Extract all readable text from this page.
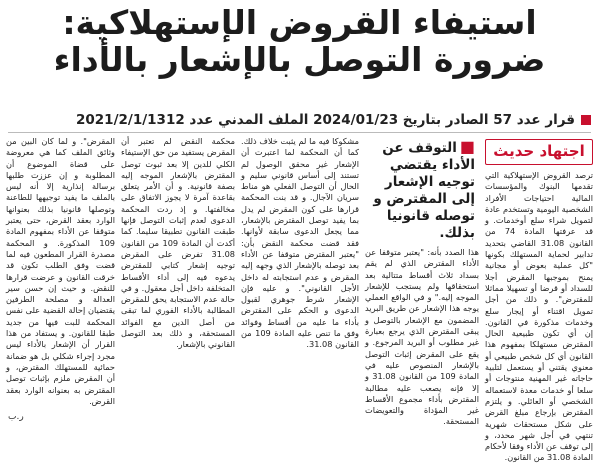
استيفاء القروض الإستهلاكية:
ضرورة التوصل بالإشعار بالأداء
قرار عدد 57 الصادر بتاريخ 2024/01/23 الملف المدني عدد 2021/2/1/1312
اجتهاد حديث

ترصد القروض الإستهلاكية التي تقدمها البنوك والمؤسسات المالية احتياجات الأفراد الشخصية اليومية وتستخدم عادة لتمويل شراء سلع أوخدمات. و قد عرفتها المادة 74 من القانون 31.08 القاضي بتحديد تدابير لحماية المستهلك بكونها "كل عملية بعوض أو مجانية يمنح بموجبها المقرض أجلا للسداد أو قرضا أو تسهيلا مماثلا للمقترض". و ذلك من أجل تمويل اقتناء أو إيجار سلع وخدمات مذكورة في القانون. إن أي تكون طبيعية الحال المقترض مستهلكا بمفهوم هذا القانون أي كل شخص طبيعي أو معنوي يقتني أو يستعمل لتلبية حاجاته غير المهنية منتوجات أو سلعا أو خدمات معدة لاستعماله الشخصي أو العائلي. و يلتزم المقترض بإرجاع مبلغ القرض على شكل مستحقات شهرية تنتهي في أجل شهر محدد، و إلى توقف عن الأداء وفقا لأحكام المادة 31.08 من القانون.

■التوقف عن الأداء يقتضي توجيه الإشعار إلى المقترض و توصله قانونيا بذلك.

هذا الصدد بأنه: "يعتبر متوقفا عن الأداء المقترض الذي لم يقم بسداد ثلاث أقساط متتالية بعد استحقاقها ولم يستجب للإشعار الموجه إليه." و في الواقع العملي يوجه هذا الإشعار عن طريق البريد المضمون مع الإشعار بالتوصل و يبقى المقترض الذي يرجع بعبارة غير مطلوب أو البريد المرجوع. و يقع على المقرض إثبات التوصل بالإشعار المنصوص عليه في المادة 109 من القانون 31.08 و إلا فإنه يصعب عليه مطالبة المقترض بأداء مجموع الأقساط غير المؤداة والتعويضات المستحقة.

مشكوكا فيه ما لم يثبت خلاف ذلك. كما أن المحكمة لما اعتبرت أن الإشعار غير محقق الوصول لم تستند إلى أساس قانوني سليم و الحال أن التوصل الفعلي هو مناط سريان الآجال. و قد بنت المحكمة قرارها على كون المقرض لم يدل بما يفيد توصل المقترض بالإشعار، مما يجعل الدعوى سابقة لأوانها. فقد قضت محكمة النقض بأن: "يعتبر المقترض متوقفا عن الأداء بعد توصله بالإشعار الذي وجهه إليه المقرض و عدم استجابته له داخل الأجل القانوني". و عليه فإن الإشعار شرط جوهري لقبول الدعوى و الحكم على المقترض بأداء ما عليه من أقساط وفوائد وفق ما تنص عليه المادة 109 من القانون 31.08.

محكمة النقض لم تعتبر أن المقرض يستفيد من حق الإستيفاء الكلي للدين إلا بعد ثبوت توصل المقترض بالإشعار الموجه إليه بصفة قانونية. و أن الأمر يتعلق بقاعدة آمرة لا يجوز الاتفاق على مخالفتها. و إذ ردت المحكمة الدعوى لعدم إثبات التوصل فإنها طبقت القانون تطبيقا سليما. كما أكدت أن المادة 109 من القانون 31.08 تفرض على المقرض توجيه إشعار كتابي للمقترض يدعوه فيه إلى أداء الأقساط المتخلفة داخل أجل معقول. و في حالة عدم الاستجابة يحق للمقرض المطالبة بالأداء الفوري لما تبقى من أصل الدين مع الفوائد المستحقة، و ذلك بعد التوصل القانوني بالإشعار.

المقرض". و لما كان البين من وثائق الملف كما هي معروضة على قضاة الموضوع أن المطلوبة و إن عززت طلبها برسالة إنذارية إلا أنه ليس بالملف ما يفيد توجيهها للطاعنة وتوصلها قانونيا بذلك بعنوانها الوارد بعقد القرض، حتى يعتبر متوقفا عن الأداء بمفهوم المادة 109 المذكورة. و المحكمة مصدرة القرار المطعون فيه لما قضت وفق الطلب تكون قد خرقت القانون و عرضت قرارها للنقض. و حيث إن حسن سير العدالة و مصلحة الطرفين يقتضيان إحالة القضية على نفس المحكمة للبت فيها من جديد طبقا للقانون. و يستفاد من هذا القرار أن الإشعار بالأداء ليس مجرد إجراء شكلي بل هو ضمانة حمائية للمستهلك المقترض، و أن المقرض ملزم بإثبات توصل المقترض به بعنوانه الوارد بعقد القرض.

ر.ب
